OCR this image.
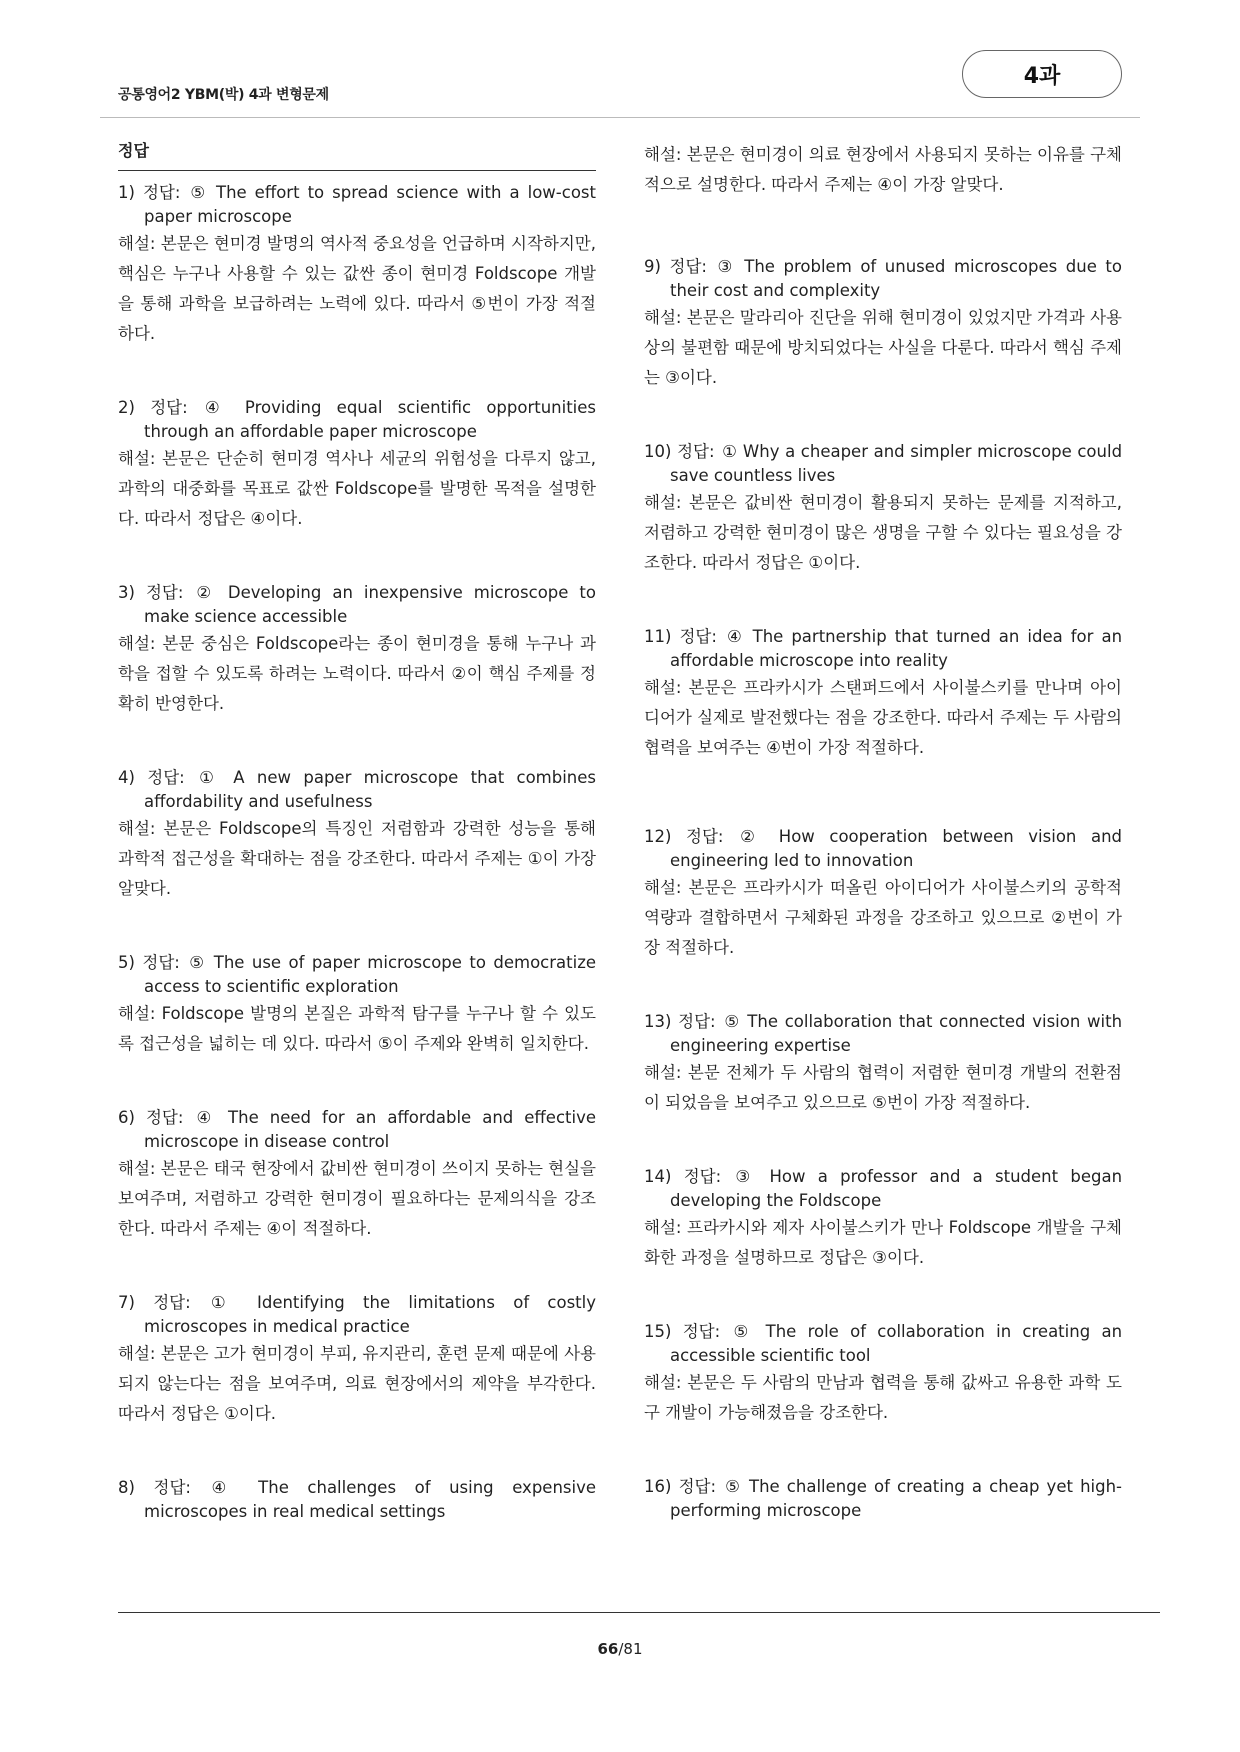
공통영어2 YBM(박) 4과 변형문제
4과
정답
1) 정답: ⑤ The effort to spread science with a low-cost paper microscope
해설: 본문은 현미경 발명의 역사적 중요성을 언급하며 시작하지만, 핵심은 누구나 사용할 수 있는 값싼 종이 현미경 Foldscope 개발을 통해 과학을 보급하려는 노력에 있다. 따라서 ⑤번이 가장 적절하다.
2) 정답: ④ Providing equal scientific opportunities through an affordable paper microscope
해설: 본문은 단순히 현미경 역사나 세균의 위험성을 다루지 않고, 과학의 대중화를 목표로 값싼 Foldscope를 발명한 목적을 설명한다. 따라서 정답은 ④이다.
3) 정답: ② Developing an inexpensive microscope to make science accessible
해설: 본문 중심은 Foldscope라는 종이 현미경을 통해 누구나 과학을 접할 수 있도록 하려는 노력이다. 따라서 ②이 핵심 주제를 정확히 반영한다.
4) 정답: ① A new paper microscope that combines affordability and usefulness
해설: 본문은 Foldscope의 특징인 저렴함과 강력한 성능을 통해 과학적 접근성을 확대하는 점을 강조한다. 따라서 주제는 ①이 가장 알맞다.
5) 정답: ⑤ The use of paper microscope to democratize access to scientific exploration
해설: Foldscope 발명의 본질은 과학적 탐구를 누구나 할 수 있도록 접근성을 넓히는 데 있다. 따라서 ⑤이 주제와 완벽히 일치한다.
6) 정답: ④ The need for an affordable and effective microscope in disease control
해설: 본문은 태국 현장에서 값비싼 현미경이 쓰이지 못하는 현실을 보여주며, 저렴하고 강력한 현미경이 필요하다는 문제의식을 강조한다. 따라서 주제는 ④이 적절하다.
7) 정답: ① Identifying the limitations of costly microscopes in medical practice
해설: 본문은 고가 현미경이 부피, 유지관리, 훈련 문제 때문에 사용되지 않는다는 점을 보여주며, 의료 현장에서의 제약을 부각한다. 따라서 정답은 ①이다.
8) 정답: ④ The challenges of using expensive microscopes in real medical settings
해설: 본문은 현미경이 의료 현장에서 사용되지 못하는 이유를 구체적으로 설명한다. 따라서 주제는 ④이 가장 알맞다.
9) 정답: ③ The problem of unused microscopes due to their cost and complexity
해설: 본문은 말라리아 진단을 위해 현미경이 있었지만 가격과 사용상의 불편함 때문에 방치되었다는 사실을 다룬다. 따라서 핵심 주제는 ③이다.
10) 정답: ① Why a cheaper and simpler microscope could save countless lives
해설: 본문은 값비싼 현미경이 활용되지 못하는 문제를 지적하고, 저렴하고 강력한 현미경이 많은 생명을 구할 수 있다는 필요성을 강조한다. 따라서 정답은 ①이다.
11) 정답: ④ The partnership that turned an idea for an affordable microscope into reality
해설: 본문은 프라카시가 스탠퍼드에서 사이불스키를 만나며 아이디어가 실제로 발전했다는 점을 강조한다. 따라서 주제는 두 사람의 협력을 보여주는 ④번이 가장 적절하다.
12) 정답: ② How cooperation between vision and engineering led to innovation
해설: 본문은 프라카시가 떠올린 아이디어가 사이불스키의 공학적 역량과 결합하면서 구체화된 과정을 강조하고 있으므로 ②번이 가장 적절하다.
13) 정답: ⑤ The collaboration that connected vision with engineering expertise
해설: 본문 전체가 두 사람의 협력이 저렴한 현미경 개발의 전환점이 되었음을 보여주고 있으므로 ⑤번이 가장 적절하다.
14) 정답: ③ How a professor and a student began developing the Foldscope
해설: 프라카시와 제자 사이불스키가 만나 Foldscope 개발을 구체화한 과정을 설명하므로 정답은 ③이다.
15) 정답: ⑤ The role of collaboration in creating an accessible scientific tool
해설: 본문은 두 사람의 만남과 협력을 통해 값싸고 유용한 과학 도구 개발이 가능해졌음을 강조한다.
16) 정답: ⑤ The challenge of creating a cheap yet high-performing microscope
66/81
